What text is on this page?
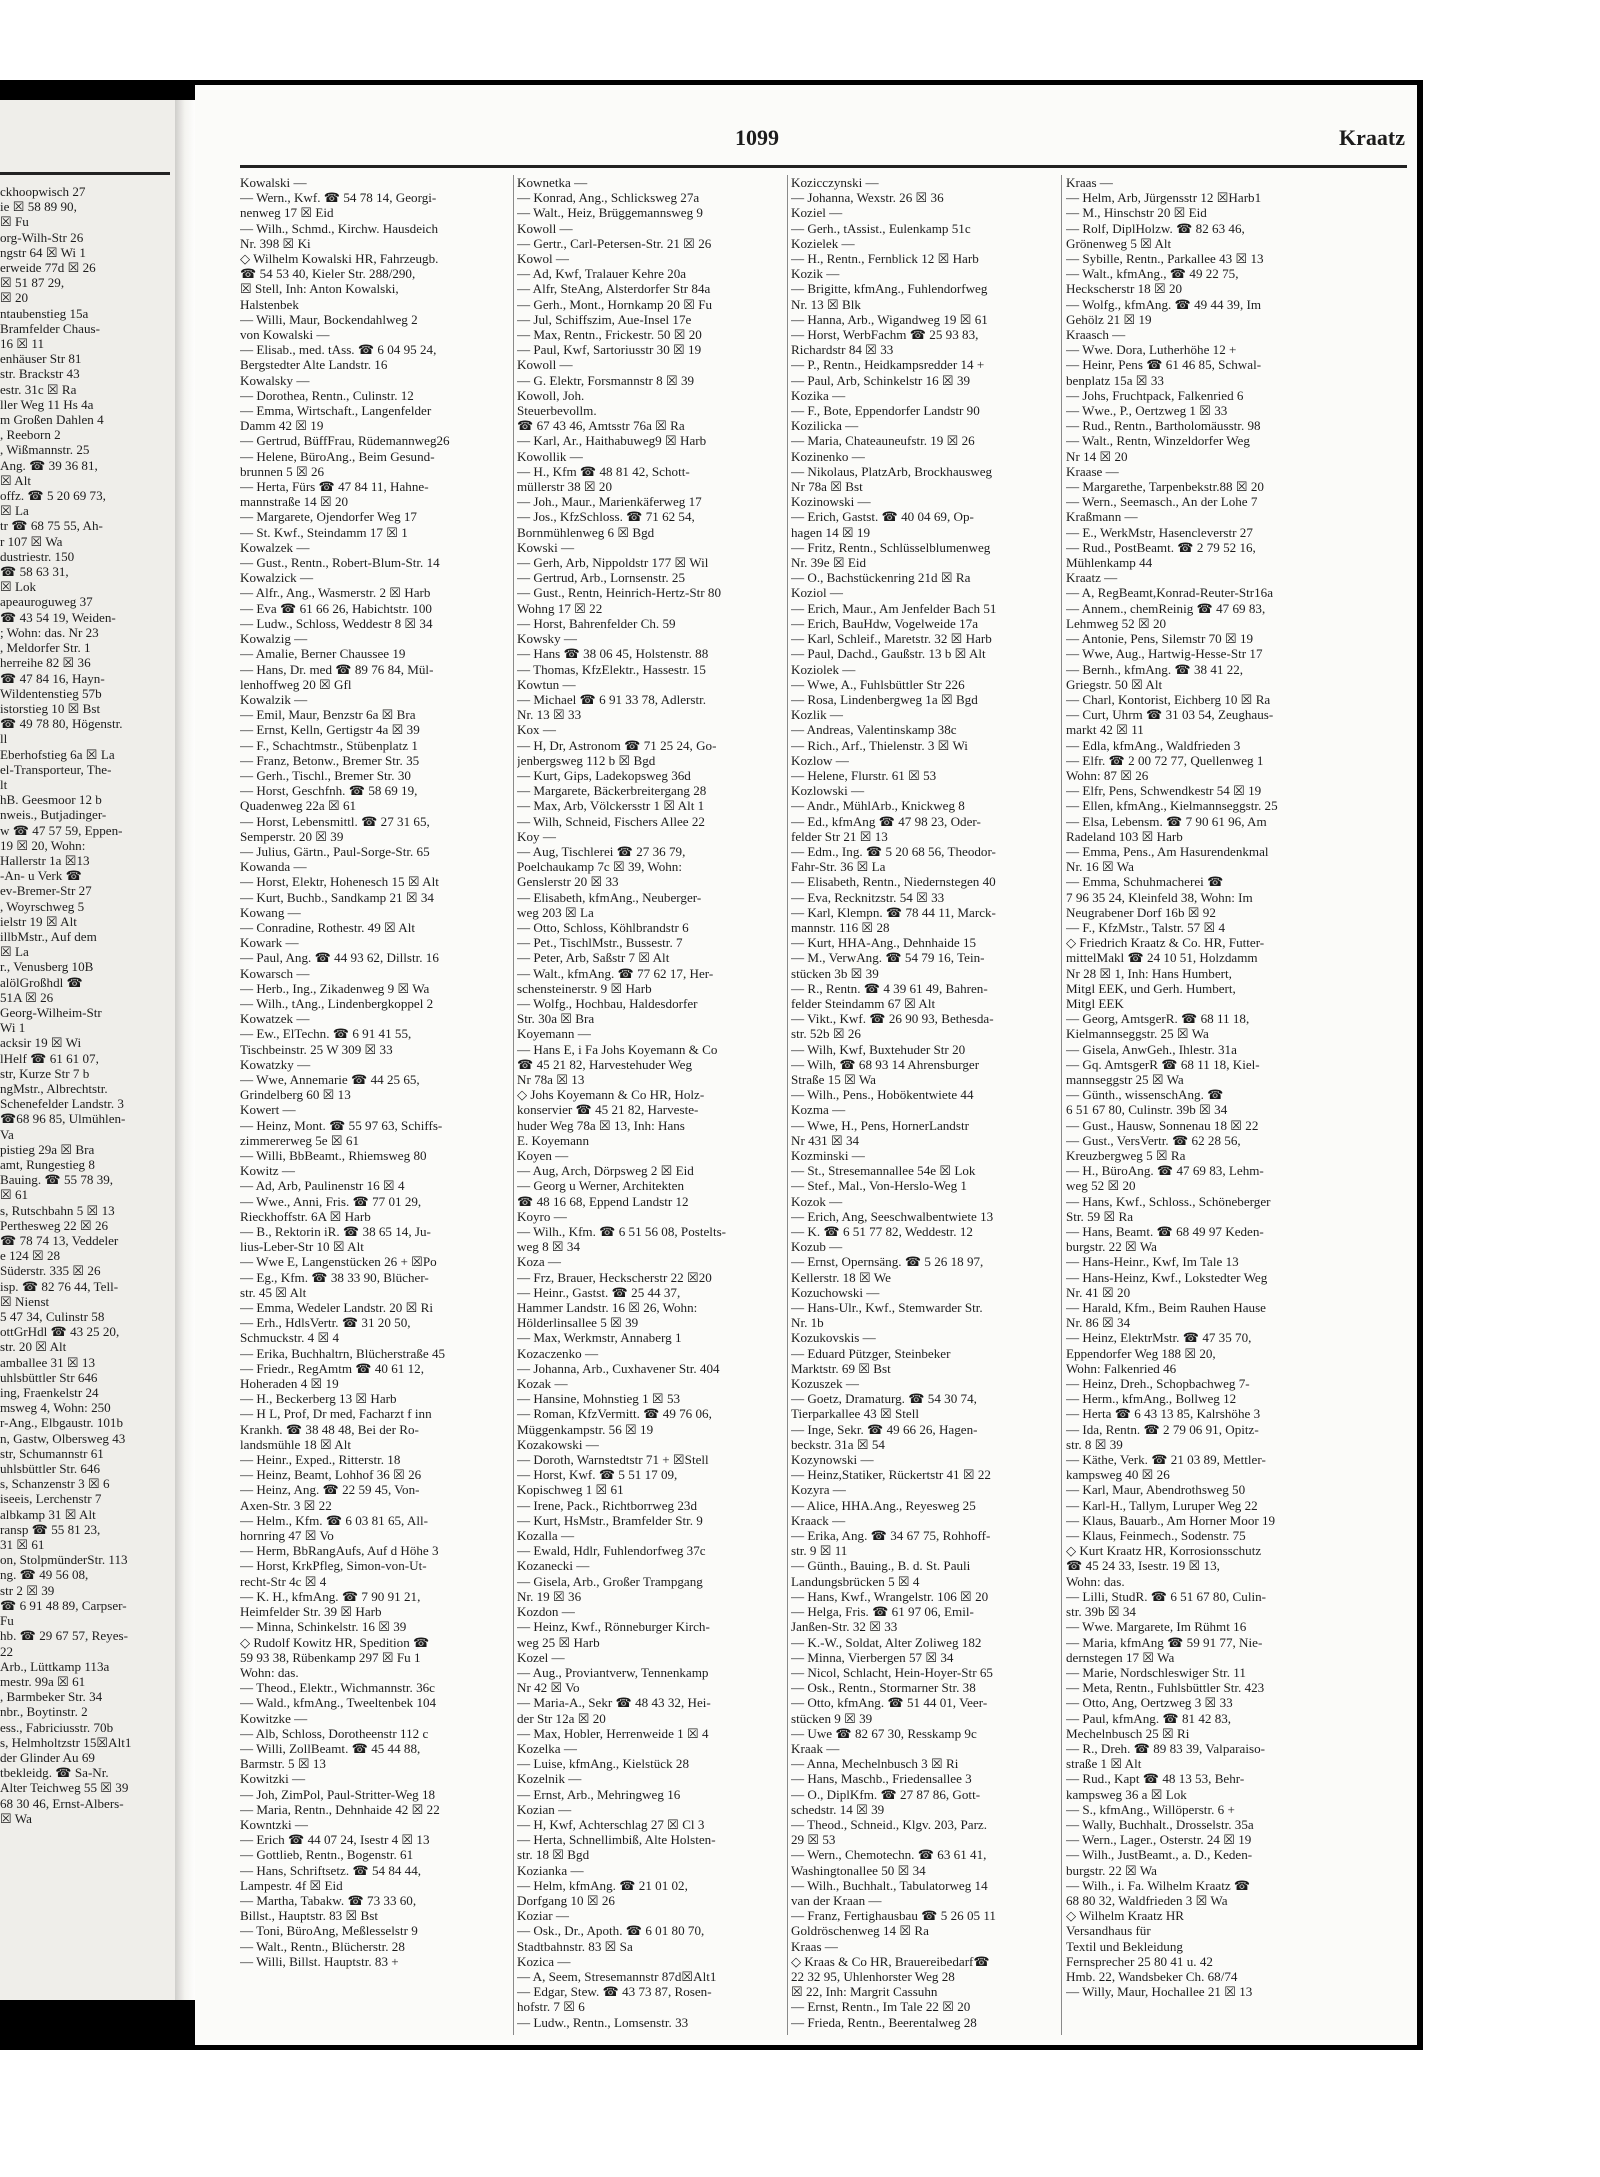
ckhoopwisch 27
ie ☒ 58 89 90,
☒ Fu
org-Wilh-Str 26
ngstr 64 ☒ Wi 1
erweide 77d ☒ 26
☒ 51 87 29,
☒ 20
ntaubenstieg 15a
Bramfelder Chaus-
16 ☒ 11
enhäuser Str 81
str. Brackstr 43
estr. 31c ☒ Ra
ller Weg 11 Hs 4a
m Großen Dahlen 4
, Reeborn 2
, Wißmannstr. 25
Ang. ☎ 39 36 81,
☒ Alt
offz. ☎ 5 20 69 73,
☒ La
tr ☎ 68 75 55, Ah-
r 107 ☒ Wa
dustriestr. 150
☎ 58 63 31,
☒ Lok
apeauroguweg 37
☎ 43 54 19, Weiden-
; Wohn: das. Nr 23
, Meldorfer Str. 1
herreihe 82 ☒ 36
☎ 47 84 16, Hayn-
Wildentenstieg 57b
istorstieg 10 ☒ Bst
☎ 49 78 80, Högenstr.
ll
Eberhofstieg 6a ☒ La
el-Transporteur, The-
lt
hB. Geesmoor 12 b
nweis., Butjadinger-
w ☎ 47 57 59, Eppen-
19 ☒ 20, Wohn:
Hallerstr 1a ☒13
-An- u Verk ☎
ev-Bremer-Str 27
, Woyrschweg 5
ielstr 19 ☒ Alt
illbMstr., Auf dem
☒ La
r., Venusberg 10B
alölGroßhdl ☎
51A ☒ 26
Georg-Wilheim-Str
Wi 1
acksir 19 ☒ Wi
lHelf ☎ 61 61 07,
str, Kurze Str 7 b
ngMstr., Albrechtstr.
Schenefelder Landstr. 3
☎68 96 85, Ulmühlen-
Va
pistieg 29a ☒ Bra
amt, Rungestieg 8
Bauing. ☎ 55 78 39,
☒ 61
s, Rutschbahn 5 ☒ 13
Perthesweg 22 ☒ 26
☎ 78 74 13, Veddeler
e 124 ☒ 28
Süderstr. 335 ☒ 26
isp. ☎ 82 76 44, Tell-
☒ Nienst
5 47 34, Culinstr 58
ottGrHdl ☎ 43 25 20,
str. 20 ☒ Alt
amballee 31 ☒ 13
uhlsbüttler Str 646
ing, Fraenkelstr 24
msweg 4, Wohn: 250
r-Ang., Elbgaustr. 101b
n, Gastw, Olbersweg 43
str, Schumannstr 61
uhlsbüttler Str. 646
s, Schanzenstr 3 ☒ 6
iseeis, Lerchenstr 7
albkamp 31 ☒ Alt
ransp ☎ 55 81 23,
31 ☒ 61
on, StolpmünderStr. 113
ng. ☎ 49 56 08,
str 2 ☒ 39
☎ 6 91 48 89, Carpser-
Fu
hb. ☎ 29 67 57, Reyes-
22
Arb., Lüttkamp 113a
mestr. 99a ☒ 61
, Barmbeker Str. 34
nbr., Boytinstr. 2
ess., Fabriciusstr. 70b
s, Helmholtzstr 15☒Alt1
der Glinder Au 69
tbekleidg. ☎ Sa-Nr.
Alter Teichweg 55 ☒ 39
68 30 46, Ernst-Albers-
☒ Wa
1099	Kraatz
Kowalski —
— Wern., Kwf. ☎ 54 78 14, Georgi-
nenweg 17 ☒ Eid
— Wilh., Schmd., Kirchw. Hausdeich
Nr. 398 ☒ Ki
◇ Wilhelm Kowalski HR, Fahrzeugb.
☎ 54 53 40, Kieler Str. 288/290,
☒ Stell, Inh: Anton Kowalski,
Halstenbek
— Willi, Maur, Bockendahlweg 2
von Kowalski —
— Elisab., med. tAss. ☎ 6 04 95 24,
Bergstedter Alte Landstr. 16
Kowalsky —
— Dorothea, Rentn., Culinstr. 12
— Emma, Wirtschaft., Langenfelder
Damm 42 ☒ 19
— Gertrud, BüffFrau, Rüdemannweg26
— Helene, BüroAng., Beim Gesund-
brunnen 5 ☒ 26
— Herta, Fürs ☎ 47 84 11, Hahne-
mannstraße 14 ☒ 20
— Margarete, Ojendorfer Weg 17
— St. Kwf., Steindamm 17 ☒ 1
Kowalzek —
— Gust., Rentn., Robert-Blum-Str. 14
Kowalzick —
— Alfr., Ang., Wasmerstr. 2 ☒ Harb
— Eva ☎ 61 66 26, Habichtstr. 100
— Ludw., Schloss, Weddestr 8 ☒ 34
Kowalzig —
— Amalie, Berner Chaussee 19
— Hans, Dr. med ☎ 89 76 84, Mül-
lenhoffweg 20 ☒ Gfl
Kowalzik —
— Emil, Maur, Benzstr 6a ☒ Bra
— Ernst, Kelln, Gertigstr 4a ☒ 39
— F., Schachtmstr., Stübenplatz 1
— Franz, Betonw., Bremer Str. 35
— Gerh., Tischl., Bremer Str. 30
— Horst, Geschfnh. ☎ 58 69 19,
Quadenweg 22a ☒ 61
— Horst, Lebensmittl. ☎ 27 31 65,
Semperstr. 20 ☒ 39
— Julius, Gärtn., Paul-Sorge-Str. 65
Kowanda —
— Horst, Elektr, Hohenesch 15 ☒ Alt
— Kurt, Buchb., Sandkamp 21 ☒ 34
Kowang —
— Conradine, Rothestr. 49 ☒ Alt
Kowark —
— Paul, Ang. ☎ 44 93 62, Dillstr. 16
Kowarsch —
— Herb., Ing., Zikadenweg 9 ☒ Wa
— Wilh., tAng., Lindenbergkoppel 2
Kowatzek —
— Ew., ElTechn. ☎ 6 91 41 55,
Tischbeinstr. 25 W 309 ☒ 33
Kowatzky —
— Wwe, Annemarie ☎ 44 25 65,
Grindelberg 60 ☒ 13
Kowert —
— Heinz, Mont. ☎ 55 97 63, Schiffs-
zimmererweg 5e ☒ 61
— Willi, BbBeamt., Rhiemsweg 80
Kowitz —
— Ad, Arb, Paulinenstr 16 ☒ 4
— Wwe., Anni, Fris. ☎ 77 01 29,
Rieckhoffstr. 6A ☒ Harb
— B., Rektorin iR. ☎ 38 65 14, Ju-
lius-Leber-Str 10 ☒ Alt
— Wwe E, Langenstücken 26 + ☒Po
— Eg., Kfm. ☎ 38 33 90, Blücher-
str. 45 ☒ Alt
— Emma, Wedeler Landstr. 20 ☒ Ri
— Erh., HdlsVertr. ☎ 31 20 50,
Schmuckstr. 4 ☒ 4
— Erika, Buchhaltrn, Blücherstraße 45
— Friedr., RegAmtm ☎ 40 61 12,
Hoheraden 4 ☒ 19
— H., Beckerberg 13 ☒ Harb
— H L, Prof, Dr med, Facharzt f inn
Krankh. ☎ 38 48 48, Bei der Ro-
landsmühle 18 ☒ Alt
— Heinr., Exped., Ritterstr. 18
— Heinz, Beamt, Lohhof 36 ☒ 26
— Heinz, Ang. ☎ 22 59 45, Von-
Axen-Str. 3 ☒ 22
— Helm., Kfm. ☎ 6 03 81 65, All-
hornring 47 ☒ Vo
— Herm, BbRangAufs, Auf d Höhe 3
— Horst, KrkPfleg, Simon-von-Ut-
recht-Str 4c ☒ 4
— K. H., kfmAng. ☎ 7 90 91 21,
Heimfelder Str. 39 ☒ Harb
— Minna, Schinkelstr. 16 ☒ 39
◇ Rudolf Kowitz HR, Spedition ☎
59 93 38, Rübenkamp 297 ☒ Fu 1
Wohn: das.
— Theod., Elektr., Wichmannstr. 36c
— Wald., kfmAng., Tweeltenbek 104
Kowitzke —
— Alb, Schloss, Dorotheenstr 112 c
— Willi, ZollBeamt. ☎ 45 44 88,
Barmstr. 5 ☒ 13
Kowitzki —
— Joh, ZimPol, Paul-Stritter-Weg 18
— Maria, Rentn., Dehnhaide 42 ☒ 22
Kowntzki —
— Erich ☎ 44 07 24, Isestr 4 ☒ 13
— Gottlieb, Rentn., Bogenstr. 61
— Hans, Schriftsetz. ☎ 54 84 44,
Lampestr. 4f ☒ Eid
— Martha, Tabakw. ☎ 73 33 60,
Billst., Hauptstr. 83 ☒ Bst
— Toni, BüroAng, Meßlesselstr 9
— Walt., Rentn., Blücherstr. 28
— Willi, Billst. Hauptstr. 83 +
Kownetka —
— Konrad, Ang., Schlicksweg 27a
— Walt., Heiz, Brüggemannsweg 9
Kowoll —
— Gertr., Carl-Petersen-Str. 21 ☒ 26
Kowol —
— Ad, Kwf, Tralauer Kehre 20a
— Alfr, SteAng, Alsterdorfer Str 84a
— Gerh., Mont., Hornkamp 20 ☒ Fu
— Jul, Schiffszim, Aue-Insel 17e
— Max, Rentn., Frickestr. 50 ☒ 20
— Paul, Kwf, Sartoriusstr 30 ☒ 19
Kowoll —
— G. Elektr, Forsmannstr 8 ☒ 39
Kowoll, Joh.
Steuerbevollm.
☎ 67 43 46, Amtsstr 76a ☒ Ra
— Karl, Ar., Haithabuweg9 ☒ Harb
Kowollik —
— H., Kfm ☎ 48 81 42, Schott-
müllerstr 38 ☒ 20
— Joh., Maur., Marienkäferweg 17
— Jos., KfzSchloss. ☎ 71 62 54,
Bornmühlenweg 6 ☒ Bgd
Kowski —
— Gerh, Arb, Nippoldstr 177 ☒ Wil
— Gertrud, Arb., Lornsenstr. 25
— Gust., Rentn, Heinrich-Hertz-Str 80
Wohng 17 ☒ 22
— Horst, Bahrenfelder Ch. 59
Kowsky —
— Hans ☎ 38 06 45, Holstenstr. 88
— Thomas, KfzElektr., Hassestr. 15
Kowtun —
— Michael ☎ 6 91 33 78, Adlerstr.
Nr. 13 ☒ 33
Kox —
— H, Dr, Astronom ☎ 71 25 24, Go-
jenbergsweg 112 b ☒ Bgd
— Kurt, Gips, Ladekopsweg 36d
— Margarete, Bäckerbreitergang 28
— Max, Arb, Völckersstr 1 ☒ Alt 1
— Wilh, Schneid, Fischers Allee 22
Koy —
— Aug, Tischlerei ☎ 27 36 79,
Poelchaukamp 7c ☒ 39, Wohn:
Genslerstr 20 ☒ 33
— Elisabeth, kfmAng., Neuberger-
weg 203 ☒ La
— Otto, Schloss, Köhlbrandstr 6
— Pet., TischlMstr., Bussestr. 7
— Peter, Arb, Saßstr 7 ☒ Alt
— Walt., kfmAng. ☎ 77 62 17, Her-
schensteinerstr. 9 ☒ Harb
— Wolfg., Hochbau, Haldesdorfer
Str. 30a ☒ Bra
Koyemann —
— Hans E, i Fa Johs Koyemann & Co
☎ 45 21 82, Harvestehuder Weg
Nr 78a ☒ 13
◇ Johs Koyemann & Co HR, Holz-
konservier ☎ 45 21 82, Harveste-
huder Weg 78a ☒ 13, Inh: Hans
E. Koyemann
Koyen —
— Aug, Arch, Dörpsweg 2 ☒ Eid
— Georg u Werner, Architekten
☎ 48 16 68, Eppend Landstr 12
Koyro —
— Wilh., Kfm. ☎ 6 51 56 08, Postelts-
weg 8 ☒ 34
Koza —
— Frz, Brauer, Heckscherstr 22 ☒20
— Heinr., Gastst. ☎ 25 44 37,
Hammer Landstr. 16 ☒ 26, Wohn:
Hölderlinsallee 5 ☒ 39
— Max, Werkmstr, Annaberg 1
Kozaczenko —
— Johanna, Arb., Cuxhavener Str. 404
Kozak —
— Hansine, Mohnstieg 1 ☒ 53
— Roman, KfzVermitt. ☎ 49 76 06,
Müggenkampstr. 56 ☒ 19
Kozakowski —
— Doroth, Warnstedtstr 71 + ☒Stell
— Horst, Kwf. ☎ 5 51 17 09,
Kopischweg 1 ☒ 61
— Irene, Pack., Richtborrweg 23d
— Kurt, HsMstr., Bramfelder Str. 9
Kozalla —
— Ewald, Hdlr, Fuhlendorfweg 37c
Kozanecki —
— Gisela, Arb., Großer Trampgang
Nr. 19 ☒ 36
Kozdon —
— Heinz, Kwf., Rönneburger Kirch-
weg 25 ☒ Harb
Kozel —
— Aug., Proviantverw, Tennenkamp
Nr 42 ☒ Vo
— Maria-A., Sekr ☎ 48 43 32, Hei-
der Str 12a ☒ 20
— Max, Hobler, Herrenweide 1 ☒ 4
Kozelka —
— Luise, kfmAng., Kielstück 28
Kozelnik —
— Ernst, Arb., Mehringweg 16
Kozian —
— H, Kwf, Achterschlag 27 ☒ Cl 3
— Herta, Schnellimbiß, Alte Holsten-
str. 18 ☒ Bgd
Kozianka —
— Helm, kfmAng. ☎ 21 01 02,
Dorfgang 10 ☒ 26
Koziar —
— Osk., Dr., Apoth. ☎ 6 01 80 70,
Stadtbahnstr. 83 ☒ Sa
Kozica —
— A, Seem, Stresemannstr 87d☒Alt1
— Edgar, Stew. ☎ 43 73 87, Rosen-
hofstr. 7 ☒ 6
— Ludw., Rentn., Lomsenstr. 33
Kozicczynski —
— Johanna, Wexstr. 26 ☒ 36
Koziel —
— Gerh., tAssist., Eulenkamp 51c
Kozielek —
— H., Rentn., Fernblick 12 ☒ Harb
Kozik —
— Brigitte, kfmAng., Fuhlendorfweg
Nr. 13 ☒ Blk
— Hanna, Arb., Wigandweg 19 ☒ 61
— Horst, WerbFachm ☎ 25 93 83,
Richardstr 84 ☒ 33
— P., Rentn., Heidkampsredder 14 +
— Paul, Arb, Schinkelstr 16 ☒ 39
Kozika —
— F., Bote, Eppendorfer Landstr 90
Kozilicka —
— Maria, Chateauneufstr. 19 ☒ 26
Kozinenko —
— Nikolaus, PlatzArb, Brockhausweg
Nr 78a ☒ Bst
Kozinowski —
— Erich, Gastst. ☎ 40 04 69, Op-
hagen 14 ☒ 19
— Fritz, Rentn., Schlüsselblumenweg
Nr. 39e ☒ Eid
— O., Bachstückenring 21d ☒ Ra
Koziol —
— Erich, Maur., Am Jenfelder Bach 51
— Erich, BauHdw, Vogelweide 17a
— Karl, Schleif., Maretstr. 32 ☒ Harb
— Paul, Dachd., Gaußstr. 13 b ☒ Alt
Koziolek —
— Wwe, A., Fuhlsbüttler Str 226
— Rosa, Lindenbergweg 1a ☒ Bgd
Kozlik —
— Andreas, Valentinskamp 38c
— Rich., Arf., Thielenstr. 3 ☒ Wi
Kozlow —
— Helene, Flurstr. 61 ☒ 53
Kozlowski —
— Andr., MühlArb., Knickweg 8
— Ed., kfmAng ☎ 47 98 23, Oder-
felder Str 21 ☒ 13
— Edm., Ing. ☎ 5 20 68 56, Theodor-
Fahr-Str. 36 ☒ La
— Elisabeth, Rentn., Niedernstegen 40
— Eva, Recknitzstr. 54 ☒ 33
— Karl, Klempn. ☎ 78 44 11, Marck-
mannstr. 116 ☒ 28
— Kurt, HHA-Ang., Dehnhaide 15
— M., VerwAng. ☎ 54 79 16, Tein-
stücken 3b ☒ 39
— R., Rentn. ☎ 4 39 61 49, Bahren-
felder Steindamm 67 ☒ Alt
— Vikt., Kwf. ☎ 26 90 93, Bethesda-
str. 52b ☒ 26
— Wilh, Kwf, Buxtehuder Str 20
— Wilh, ☎ 68 93 14 Ahrensburger
Straße 15 ☒ Wa
— Wilh., Pens., Hobökentwiete 44
Kozma —
— Wwe, H., Pens, HornerLandstr
Nr 431 ☒ 34
Kozminski —
— St., Stresemannallee 54e ☒ Lok
— Stef., Mal., Von-Herslo-Weg 1
Kozok —
— Erich, Ang, Seeschwalbentwiete 13
— K. ☎ 6 51 77 82, Weddestr. 12
Kozub —
— Ernst, Opernsäng. ☎ 5 26 18 97,
Kellerstr. 18 ☒ We
Kozuchowski —
— Hans-Ulr., Kwf., Stemwarder Str.
Nr. 1b
Kozukovskis —
— Eduard Pützger, Steinbeker
Marktstr. 69 ☒ Bst
Kozuszek —
— Goetz, Dramaturg. ☎ 54 30 74,
Tierparkallee 43 ☒ Stell
— Inge, Sekr. ☎ 49 66 26, Hagen-
beckstr. 31a ☒ 54
Kozynowski —
— Heinz,Statiker, Rückertstr 41 ☒ 22
Kozyra —
— Alice, HHA.Ang., Reyesweg 25
Kraack —
— Erika, Ang. ☎ 34 67 75, Rohhoff-
str. 9 ☒ 11
— Günth., Bauing., B. d. St. Pauli
Landungsbrücken 5 ☒ 4
— Hans, Kwf., Wrangelstr. 106 ☒ 20
— Helga, Fris. ☎ 61 97 06, Emil-
Janßen-Str. 32 ☒ 33
— K.-W., Soldat, Alter Zoliweg 182
— Minna, Vierbergen 57 ☒ 34
— Nicol, Schlacht, Hein-Hoyer-Str 65
— Osk., Rentn., Stormarner Str. 38
— Otto, kfmAng. ☎ 51 44 01, Veer-
stücken 9 ☒ 39
— Uwe ☎ 82 67 30, Resskamp 9c
Kraak —
— Anna, Mechelnbusch 3 ☒ Ri
— Hans, Maschb., Friedensallee 3
— O., DiplKfm. ☎ 27 87 86, Gott-
schedstr. 14 ☒ 39
— Theod., Schneid., Klgv. 203, Parz.
29 ☒ 53
— Wern., Chemotechn. ☎ 63 61 41,
Washingtonallee 50 ☒ 34
— Wilh., Buchhalt., Tabulatorweg 14
van der Kraan —
— Franz, Fertighausbau ☎ 5 26 05 11
Goldröschenweg 14 ☒ Ra
Kraas —
◇ Kraas & Co HR, Brauereibedarf☎
22 32 95, Uhlenhorster Weg 28
☒ 22, Inh: Margrit Cassuhn
— Ernst, Rentn., Im Tale 22 ☒ 20
— Frieda, Rentn., Beerentalweg 28
Kraas —
— Helm, Arb, Jürgensstr 12 ☒Harb1
— M., Hinschstr 20 ☒ Eid
— Rolf, DiplHolzw. ☎ 82 63 46,
Grönenweg 5 ☒ Alt
— Sybille, Rentn., Parkallee 43 ☒ 13
— Walt., kfmAng., ☎ 49 22 75,
Heckscherstr 18 ☒ 20
— Wolfg., kfmAng. ☎ 49 44 39, Im
Gehölz 21 ☒ 19
Kraasch —
— Wwe. Dora, Lutherhöhe 12 +
— Heinr, Pens ☎ 61 46 85, Schwal-
benplatz 15a ☒ 33
— Johs, Fruchtpack, Falkenried 6
— Wwe., P., Oertzweg 1 ☒ 33
— Rud., Rentn., Bartholomäusstr. 98
— Walt., Rentn, Winzeldorfer Weg
Nr 14 ☒ 20
Kraase —
— Margarethe, Tarpenbekstr.88 ☒ 20
— Wern., Seemasch., An der Lohe 7
Kraßmann —
— E., WerkMstr, Hasencleverstr 27
— Rud., PostBeamt. ☎ 2 79 52 16,
Mühlenkamp 44
Kraatz —
— A, RegBeamt,Konrad-Reuter-Str16a
— Annem., chemReinig ☎ 47 69 83,
Lehmweg 52 ☒ 20
— Antonie, Pens, Silemstr 70 ☒ 19
— Wwe, Aug., Hartwig-Hesse-Str 17
— Bernh., kfmAng. ☎ 38 41 22,
Griegstr. 50 ☒ Alt
— Charl, Kontorist, Eichberg 10 ☒ Ra
— Curt, Uhrm ☎ 31 03 54, Zeughaus-
markt 42 ☒ 11
— Edla, kfmAng., Waldfrieden 3
— Elfr. ☎ 2 00 72 77, Quellenweg 1
Wohn: 87 ☒ 26
— Elfr, Pens, Schwendkestr 54 ☒ 19
— Ellen, kfmAng., Kielmannseggstr. 25
— Elsa, Lebensm. ☎ 7 90 61 96, Am
Radeland 103 ☒ Harb
— Emma, Pens., Am Hasurendenkmal
Nr. 16 ☒ Wa
— Emma, Schuhmacherei ☎
7 96 35 24, Kleinfeld 38, Wohn: Im
Neugrabener Dorf 16b ☒ 92
— F., KfzMstr., Talstr. 57 ☒ 4
◇ Friedrich Kraatz & Co. HR, Futter-
mittelMakl ☎ 24 10 51, Holzdamm
Nr 28 ☒ 1, Inh: Hans Humbert,
Mitgl EEK, und Gerh. Humbert,
Mitgl EEK
— Georg, AmtsgerR. ☎ 68 11 18,
Kielmannseggstr. 25 ☒ Wa
— Gisela, AnwGeh., Ihlestr. 31a
— Gq. AmtsgerR ☎ 68 11 18, Kiel-
mannseggstr 25 ☒ Wa
— Günth., wissenschAng. ☎
6 51 67 80, Culinstr. 39b ☒ 34
— Gust., Hausw, Sonnenau 18 ☒ 22
— Gust., VersVertr. ☎ 62 28 56,
Kreuzbergweg 5 ☒ Ra
— H., BüroAng. ☎ 47 69 83, Lehm-
weg 52 ☒ 20
— Hans, Kwf., Schloss., Schöneberger
Str. 59 ☒ Ra
— Hans, Beamt. ☎ 68 49 97 Keden-
burgstr. 22 ☒ Wa
— Hans-Heinr., Kwf, Im Tale 13
— Hans-Heinz, Kwf., Lokstedter Weg
Nr. 41 ☒ 20
— Harald, Kfm., Beim Rauhen Hause
Nr. 86 ☒ 34
— Heinz, ElektrMstr. ☎ 47 35 70,
Eppendorfer Weg 188 ☒ 20,
Wohn: Falkenried 46
— Heinz, Dreh., Schopbachweg 7-
— Herm., kfmAng., Bollweg 12
— Herta ☎ 6 43 13 85, Kalrshöhe 3
— Ida, Rentn. ☎ 2 79 06 91, Opitz-
str. 8 ☒ 39
— Käthe, Verk. ☎ 21 03 89, Mettler-
kampsweg 40 ☒ 26
— Karl, Maur, Abendrothsweg 50
— Karl-H., Tallym, Luruper Weg 22
— Klaus, Bauarb., Am Horner Moor 19
— Klaus, Feinmech., Sodenstr. 75
◇ Kurt Kraatz HR, Korrosionsschutz
☎ 45 24 33, Isestr. 19 ☒ 13,
Wohn: das.
— Lilli, StudR. ☎ 6 51 67 80, Culin-
str. 39b ☒ 34
— Wwe. Margarete, Im Rühmt 16
— Maria, kfmAng ☎ 59 91 77, Nie-
dernstegen 17 ☒ Wa
— Marie, Nordschleswiger Str. 11
— Meta, Rentn., Fuhlsbüttler Str. 423
— Otto, Ang, Oertzweg 3 ☒ 33
— Paul, kfmAng. ☎ 81 42 83,
Mechelnbusch 25 ☒ Ri
— R., Dreh. ☎ 89 83 39, Valparaiso-
straße 1 ☒ Alt
— Rud., Kapt ☎ 48 13 53, Behr-
kampsweg 36 a ☒ Lok
— S., kfmAng., Willöperstr. 6 +
— Wally, Buchhalt., Drosselstr. 35a
— Wern., Lager., Osterstr. 24 ☒ 19
— Wilh., JustBeamt., a. D., Keden-
burgstr. 22 ☒ Wa
— Wilh., i. Fa. Wilhelm Kraatz ☎
68 80 32, Waldfrieden 3 ☒ Wa
◇ Wilhelm Kraatz HR
Versandhaus für
Textil und Bekleidung
Fernsprecher 25 80 41 u. 42
Hmb. 22, Wandsbeker Ch. 68/74
— Willy, Maur, Hochallee 21 ☒ 13
